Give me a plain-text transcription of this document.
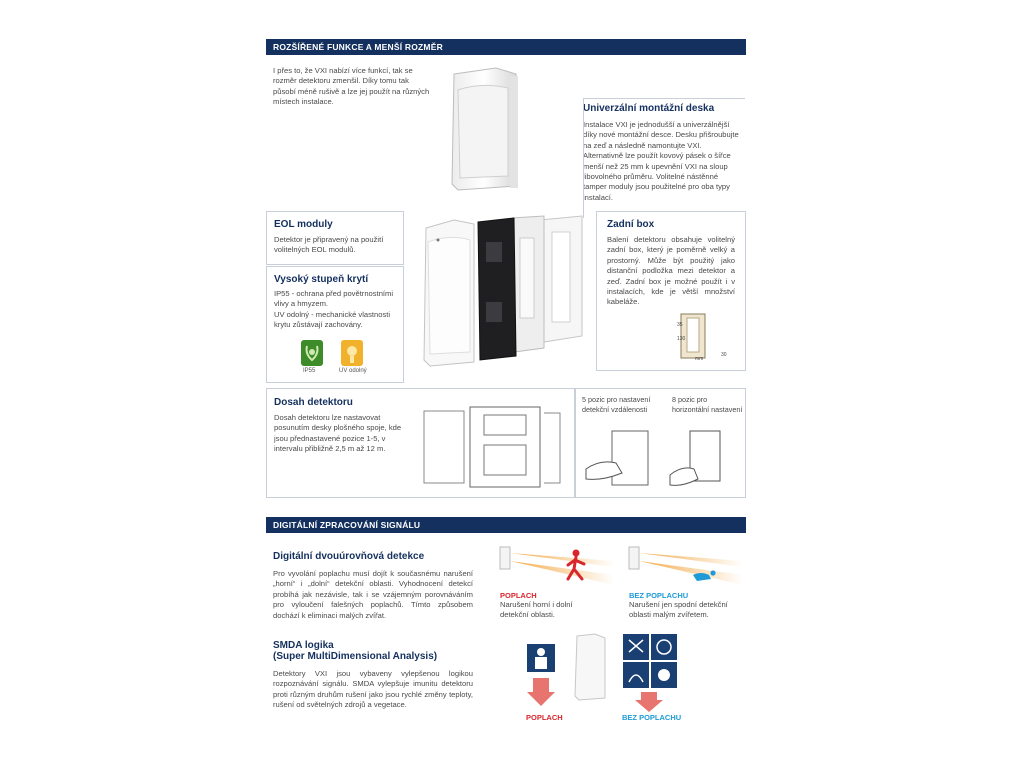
ROZŠÍŘENÉ FUNKCE A MENŠÍ ROZMĚR
I přes to, že VXI nabízí více funkcí, tak se rozměr detektoru zmenšil. Díky tomu tak působí méně rušivě a lze jej použít na různých místech instalace.
Univerzální montážní deska
Instalace VXI je jednodušší a univerzálnější díky nové montážní desce. Desku přišroubujte na zeď a následně namontujte VXI. Alternativně lze použít kovový pásek o šířce menší než 25 mm k upevnění VXI na sloup libovolného průměru. Volitelné nástěnné tamper moduly jsou použitelné pro oba typy instalací.
EOL moduly
Detektor je připravený na použití volitelných EOL modulů.
Vysoký stupeň krytí
IP55 - ochrana před povětrnostními vlivy a hmyzem.
UV odolný - mechanické vlastnosti krytu zůstávají zachovány.
IP55	UV odolný
Zadní box
Balení detektoru obsahuje volitelný zadní box, který je poměrně velký a prostorný. Může být použitý jako distanční podložka mezi detektor a zeď. Zadní box je možné použít i v instalacích, kde je větší množství kabeláže.
35
130
mm
30
Dosah detektoru
Dosah detektoru lze nastavovat posunutím desky plošného spoje, kde jsou přednastavené pozice 1-5, v intervalu přibližně 2,5 m až 12 m.
5 pozic pro nastavení detekční vzdálenosti
8 pozic pro horizontální nastavení
DIGITÁLNÍ ZPRACOVÁNÍ SIGNÁLU
Digitální dvouúrovňová detekce
Pro vyvolání poplachu musí dojít k současnému narušení „horní“ i „dolní“ detekční oblasti. Vyhodnocení detekcí probíhá jak nezávisle, tak i se vzájemným porovnáváním pro vyloučení falešných poplachů. Tímto způsobem dochází k eliminaci malých zvířat.
POPLACH
Narušení horní i dolní detekční oblasti.
BEZ POPLACHU
Narušení jen spodní detekční oblasti malým zvířetem.
SMDA logika
(Super MultiDimensional Analysis)
Detektory VXI jsou vybaveny vylepšenou logikou rozpoznávání signálu. SMDA vylepšuje imunitu detektoru proti různým druhům rušení jako jsou rychlé změny teploty, rušení od světelných zdrojů a vegetace.
POPLACH	BEZ POPLACHU
